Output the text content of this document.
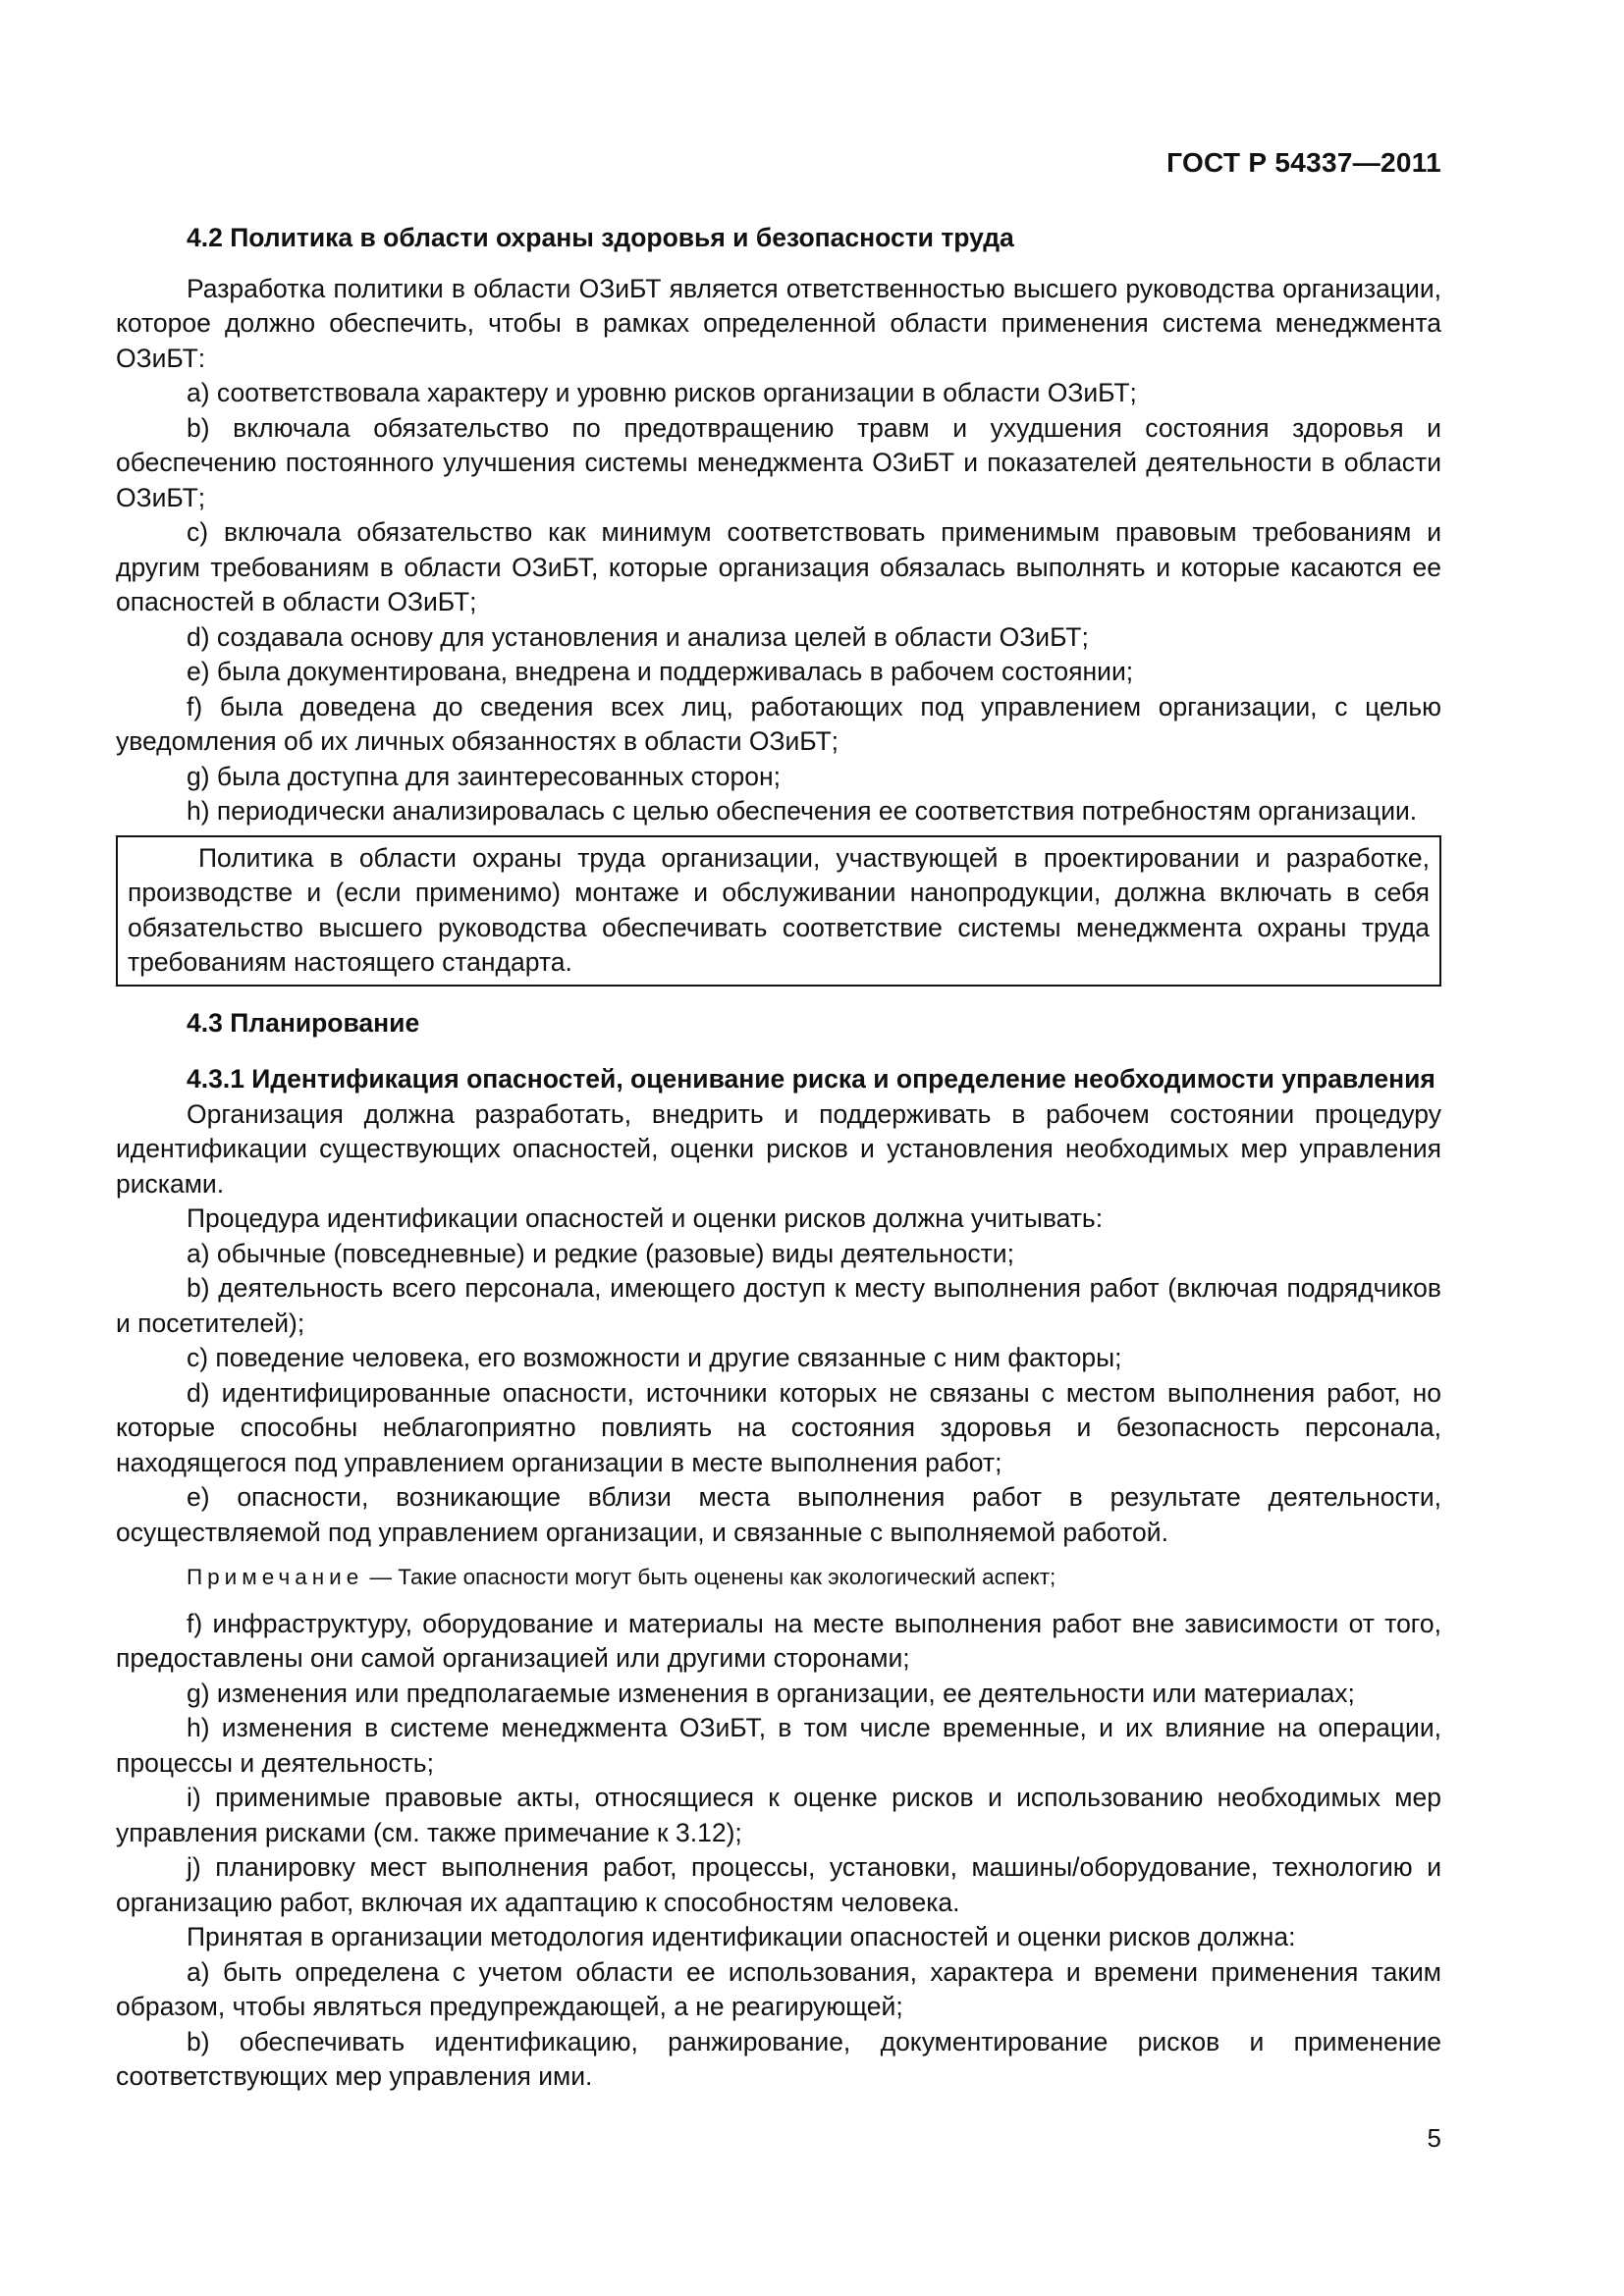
ГОСТ Р 54337—2011

4.2 Политика в области охраны здоровья и безопасности труда

Разработка политики в области ОЗиБТ является ответственностью высшего руководства организации, которое должно обеспечить, чтобы в рамках определенной области применения система менеджмента ОЗиБТ:

а) соответствовала характеру и уровню рисков организации в области ОЗиБТ;

b) включала обязательство по предотвращению травм и ухудшения состояния здоровья и обеспечению постоянного улучшения системы менеджмента ОЗиБТ и показателей деятельности в области ОЗиБТ;

c) включала обязательство как минимум соответствовать применимым правовым требованиям и другим требованиям в области ОЗиБТ, которые организация обязалась выполнять и которые касаются ее опасностей в области ОЗиБТ;

d) создавала основу для установления и анализа целей в области ОЗиБТ;

e) была документирована, внедрена и поддерживалась в рабочем состоянии;

f) была доведена до сведения всех лиц, работающих под управлением организации, с целью уведомления об их личных обязанностях в области ОЗиБТ;

g) была доступна для заинтересованных сторон;

h) периодически анализировалась с целью обеспечения ее соответствия потребностям организации.

Политика в области охраны труда организации, участвующей в проектировании и разработке, производстве и (если применимо) монтаже и обслуживании нанопродукции, должна включать в себя обязательство высшего руководства обеспечивать соответствие системы менеджмента охраны труда требованиям настоящего стандарта.

4.3 Планирование

4.3.1 Идентификация опасностей, оценивание риска и определение необходимости управления

Организация должна разработать, внедрить и поддерживать в рабочем состоянии процедуру идентификации существующих опасностей, оценки рисков и установления необходимых мер управления рисками.

Процедура идентификации опасностей и оценки рисков должна учитывать:

а) обычные (повседневные) и редкие (разовые) виды деятельности;

b) деятельность всего персонала, имеющего доступ к месту выполнения работ (включая подрядчиков и посетителей);

c) поведение человека, его возможности и другие связанные с ним факторы;

d) идентифицированные опасности, источники которых не связаны с местом выполнения работ, но которые способны неблагоприятно повлиять на состояния здоровья и безопасность персонала, находящегося под управлением организации в месте выполнения работ;

e) опасности, возникающие вблизи места выполнения работ в результате деятельности, осуществляемой под управлением организации, и связанные с выполняемой работой.

Примечание — Такие опасности могут быть оценены как экологический аспект;

f) инфраструктуру, оборудование и материалы на месте выполнения работ вне зависимости от того, предоставлены они самой организацией или другими сторонами;

g) изменения или предполагаемые изменения в организации, ее деятельности или материалах;

h) изменения в системе менеджмента ОЗиБТ, в том числе временные, и их влияние на операции, процессы и деятельность;

i) применимые правовые акты, относящиеся к оценке рисков и использованию необходимых мер управления рисками (см. также примечание к 3.12);

j) планировку мест выполнения работ, процессы, установки, машины/оборудование, технологию и организацию работ, включая их адаптацию к способностям человека.

Принятая в организации методология идентификации опасностей и оценки рисков должна:

а) быть определена с учетом области ее использования, характера и времени применения таким образом, чтобы являться предупреждающей, а не реагирующей;

b) обеспечивать идентификацию, ранжирование, документирование рисков и применение соответствующих мер управления ими.

5
